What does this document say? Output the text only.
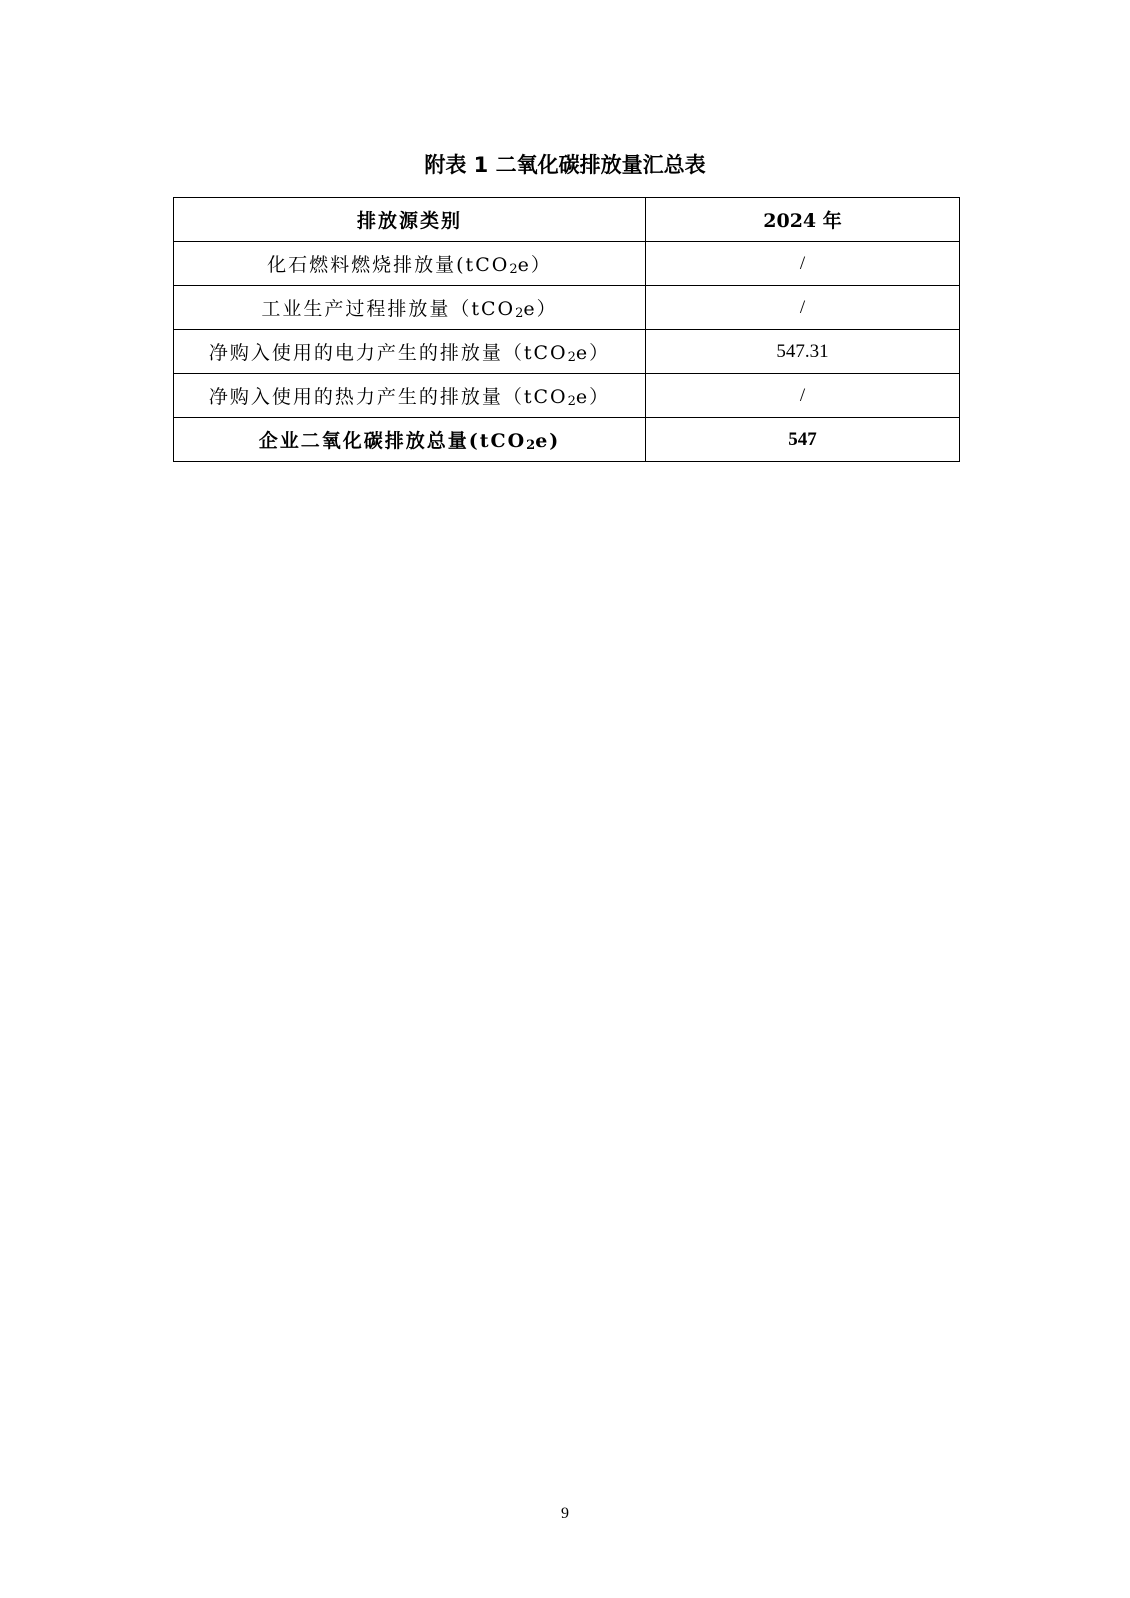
附表 1 二氧化碳排放量汇总表
排放源类别	2024 年
化石燃料燃烧排放量(tCO$_2$e）	/
工业生产过程排放量（tCO$_2$e）	/
净购入使用的电力产生的排放量（tCO$_2$e）	547.31
净购入使用的热力产生的排放量（tCO$_2$e）	/
企业二氧化碳排放总量(tCO$_2$e)	547
9
